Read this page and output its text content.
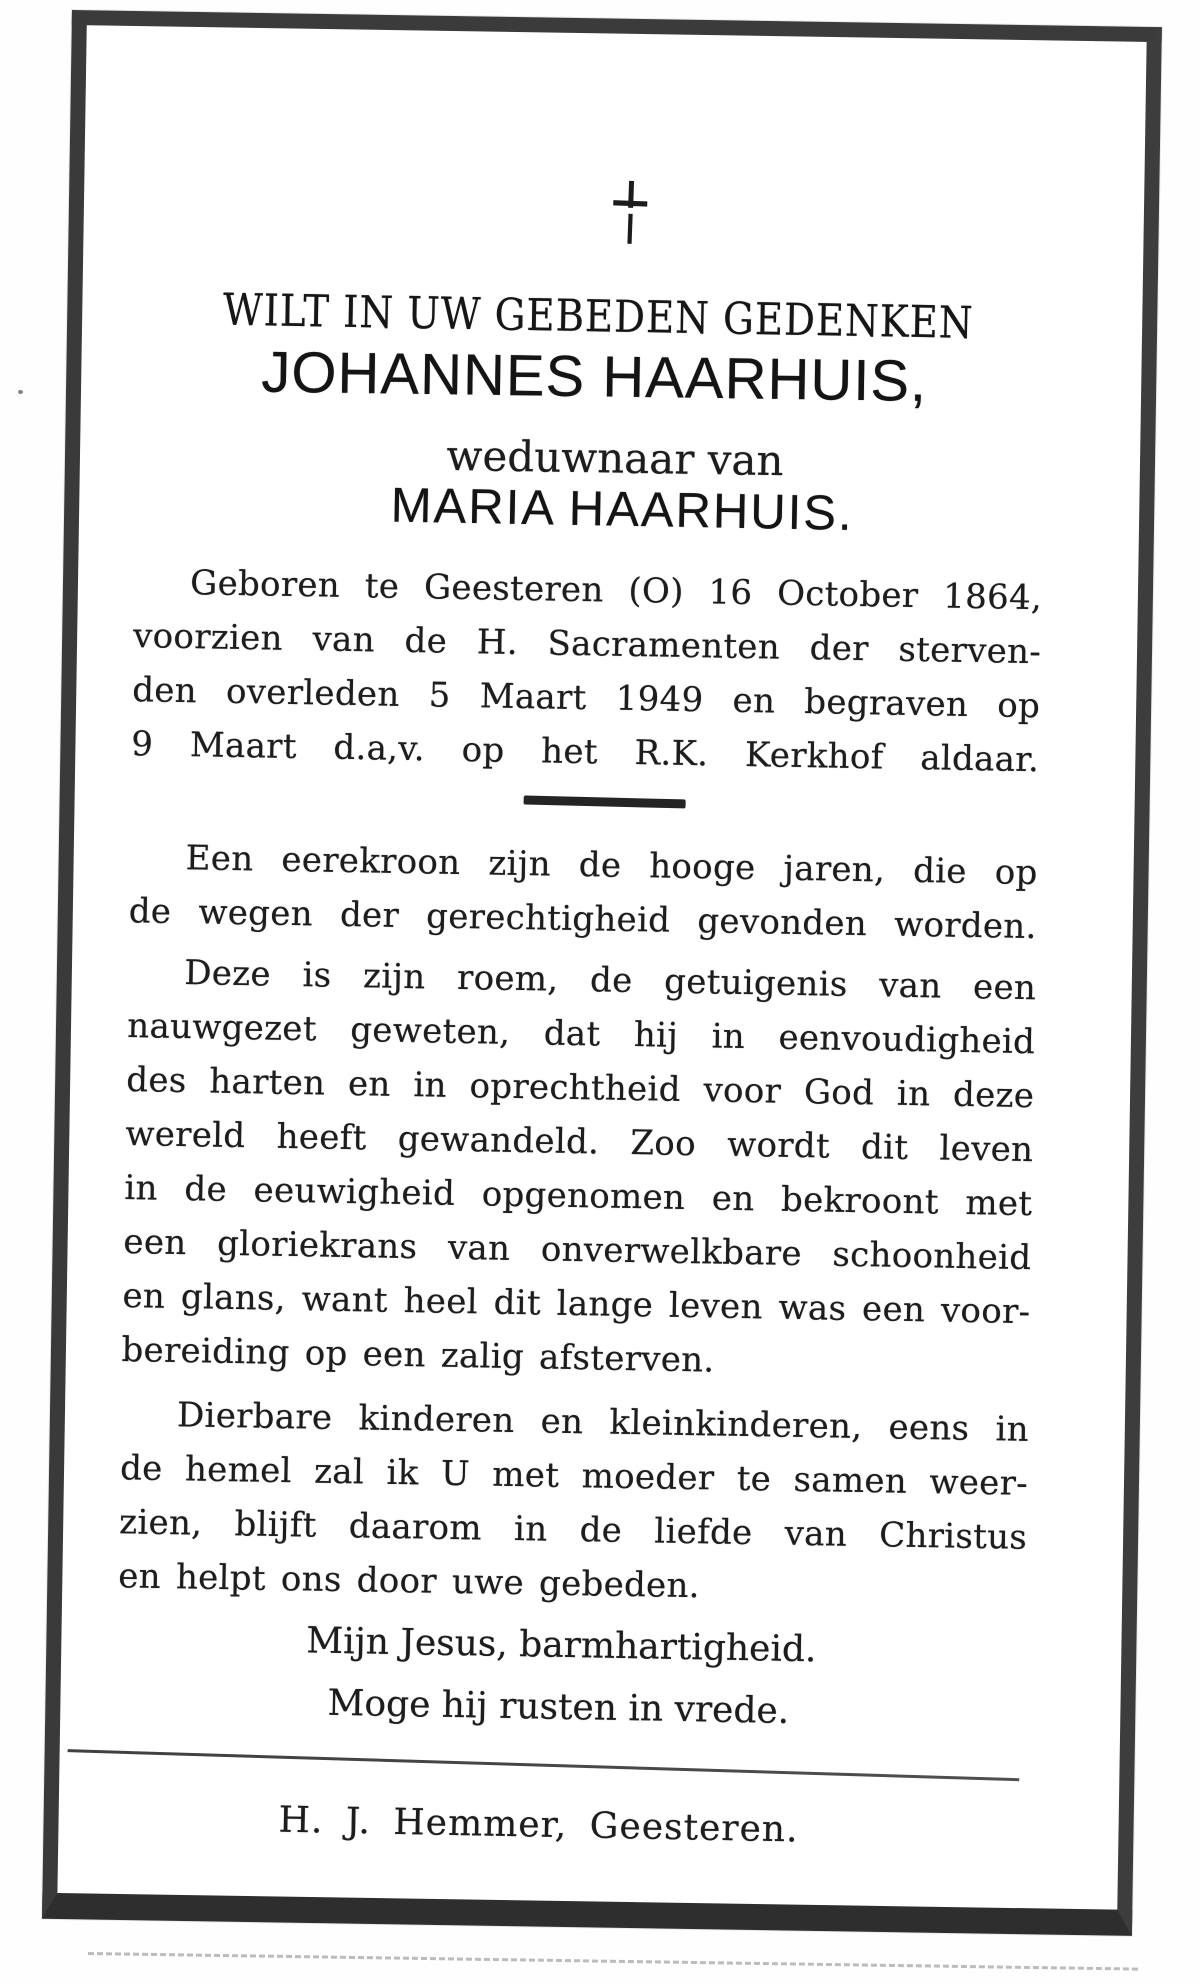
WILT IN UW GEBEDEN GEDENKEN
JOHANNES HAARHUIS,
weduwnaar van
MARIA HAARHUIS.
Geboren te Geesteren (O) 16 October 1864,
voorzien van de H. Sacramenten der sterven-
den overleden 5 Maart 1949 en begraven op
9 Maart d.a,v. op het R.K. Kerkhof aldaar.
Een eerekroon zijn de hooge jaren, die op
de wegen der gerechtigheid gevonden worden.
Deze is zijn roem, de getuigenis van een
nauwgezet geweten, dat hij in eenvoudigheid
des harten en in oprechtheid voor God in deze
wereld heeft gewandeld. Zoo wordt dit leven
in de eeuwigheid opgenomen en bekroont met
een gloriekrans van onverwelkbare schoonheid
en glans, want heel dit lange leven was een voor-
bereiding op een zalig afsterven.
Dierbare kinderen en kleinkinderen, eens in
de hemel zal ik U met moeder te samen weer-
zien, blijft daarom in de liefde van Christus
en helpt ons door uwe gebeden.
Mijn Jesus, barmhartigheid.
Moge hij rusten in vrede.
H. J. Hemmer, Geesteren.
